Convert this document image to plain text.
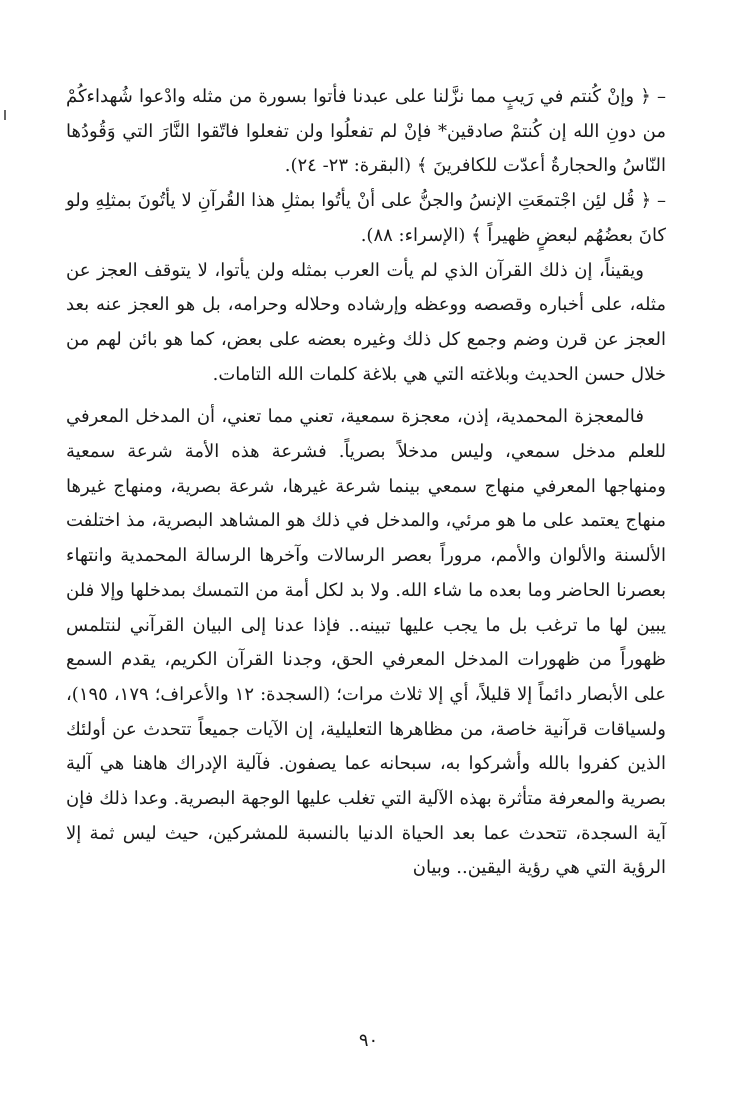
– ﴿ وإنْ كُنتم في رَيبٍ مما نزَّلنا على عبدنا فأتوا بسورة من مثله وادْعوا شُهداءكُمْ من دونِ الله إن كُنتمْ صادقين* فإنْ لم تفعلُوا ولن تفعلوا فاتّقوا النَّارَ التي وَقُودُها النّاسُ والحجارةُ أعدّت للكافرينَ ﴾ (البقرة: ٢٣- ٢٤).

– ﴿ قُل لئِن اجْتمعَتِ الإنسُ والجنُّ على أنْ يأتُوا بمثلِ هذا القُرآنِ لا يأتُونَ بمثلِهِ ولو كانَ بعضُهُم لبعضٍ ظهيراً ﴾ (الإسراء: ٨٨).

ويقيناً، إن ذلك القرآن الذي لم يأت العرب بمثله ولن يأتوا، لا يتوقف العجز عن مثله، على أخباره وقصصه ووعظه وإرشاده وحلاله وحرامه، بل هو العجز عنه بعد العجز عن قرن وضم وجمع كل ذلك وغيره بعضه على بعض، كما هو بائن لهم من خلال حسن الحديث وبلاغته التي هي بلاغة كلمات الله التامات.

فالمعجزة المحمدية، إذن، معجزة سمعية، تعني مما تعني، أن المدخل المعرفي للعلم مدخل سمعي، وليس مدخلاً بصرياً. فشرعة هذه الأمة شرعة سمعية ومنهاجها المعرفي منهاج سمعي بينما شرعة غيرها، شرعة بصرية، ومنهاج غيرها منهاج يعتمد على ما هو مرئي، والمدخل في ذلك هو المشاهد البصرية، مذ اختلفت الألسنة والألوان والأمم، مروراً بعصر الرسالات وآخرها الرسالة المحمدية وانتهاء بعصرنا الحاضر وما بعده ما شاء الله. ولا بد لكل أمة من التمسك بمدخلها وإلا فلن يبين لها ما ترغب بل ما يجب عليها تبينه.. فإذا عدنا إلى البيان القرآني لنتلمس ظهوراً من ظهورات المدخل المعرفي الحق، وجدنا القرآن الكريم، يقدم السمع على الأبصار دائماً إلا قليلاً، أي إلا ثلاث مرات؛ (السجدة: ١٢ والأعراف؛ ١٧٩، ١٩٥)، ولسياقات قرآنية خاصة، من مظاهرها التعليلية، إن الآيات جميعاً تتحدث عن أولئك الذين كفروا بالله وأشركوا به، سبحانه عما يصفون. فآلية الإدراك هاهنا هي آلية بصرية والمعرفة متأثرة بهذه الآلية التي تغلب عليها الوجهة البصرية. وعدا ذلك فإن آية السجدة، تتحدث عما بعد الحياة الدنيا بالنسبة للمشركين، حيث ليس ثمة إلا الرؤية التي هي رؤية اليقين.. وبيان

٩٠
